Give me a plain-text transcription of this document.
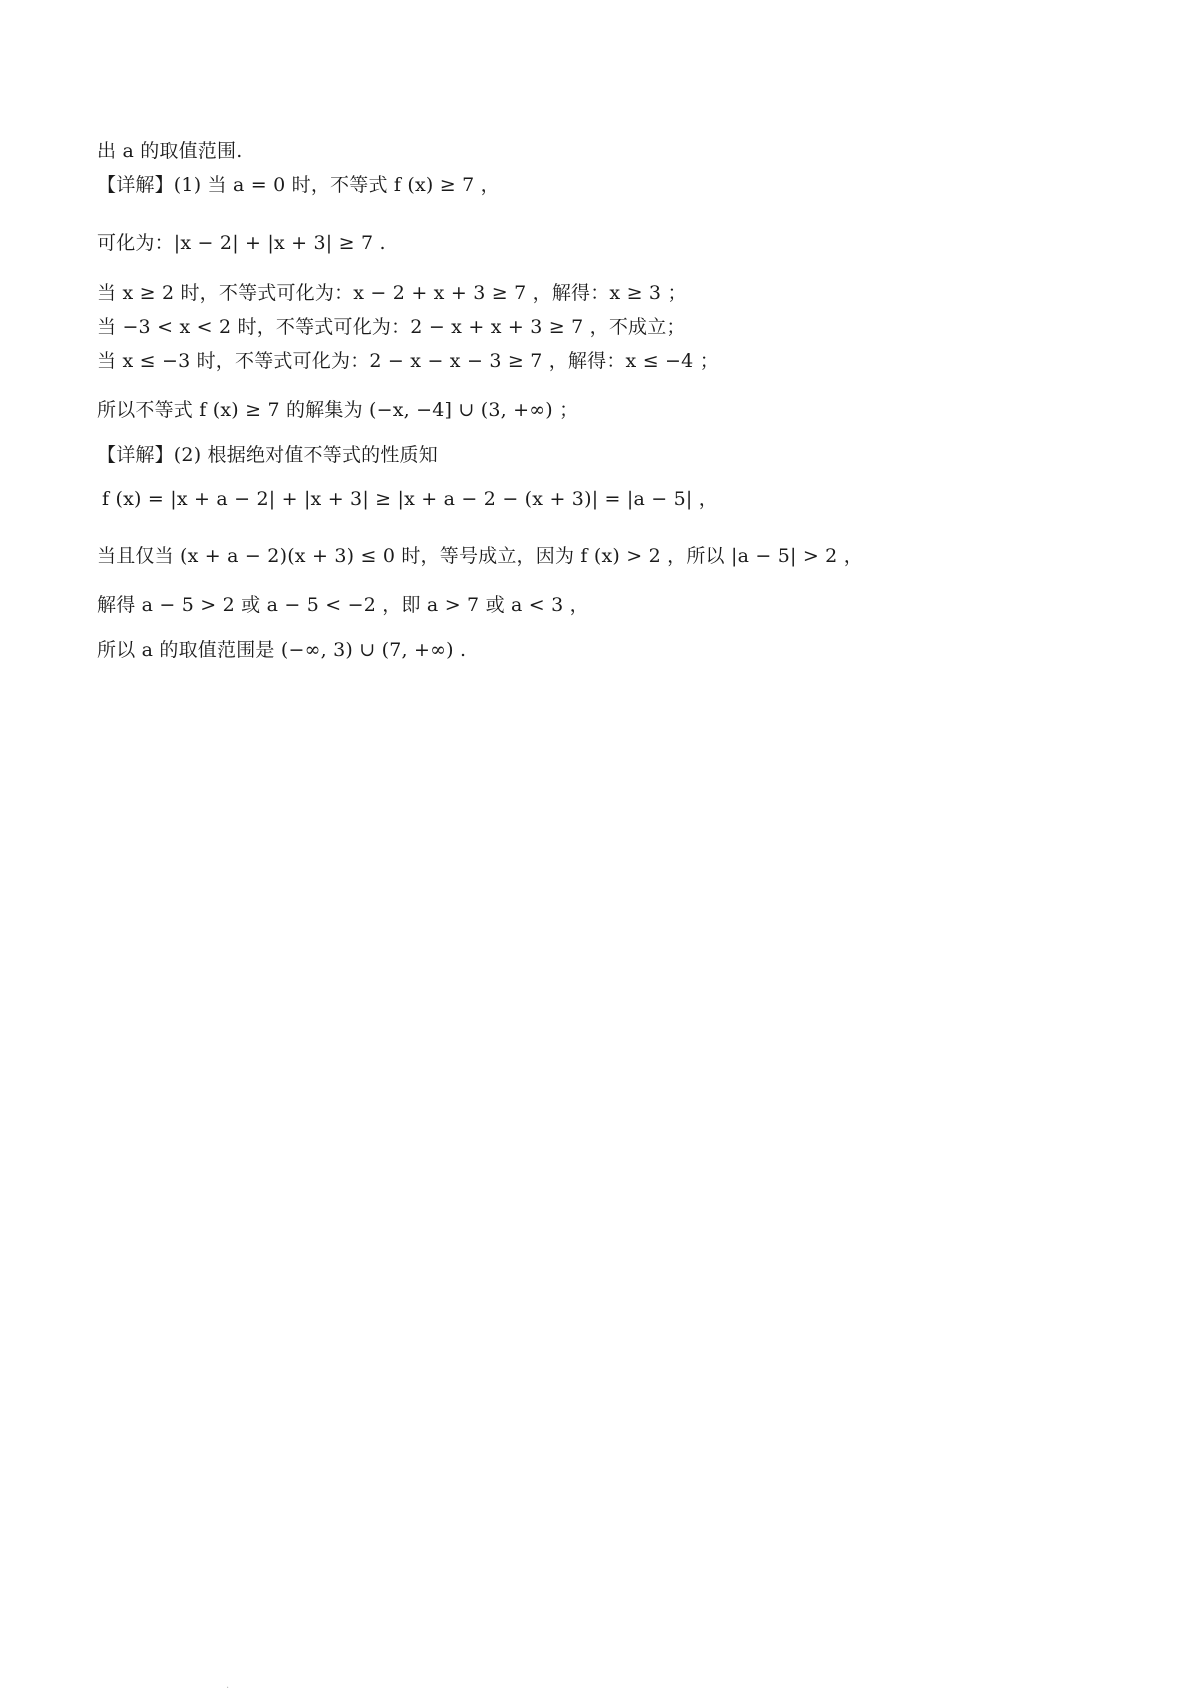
出 a 的取值范围.
【详解】(1) 当 a = 0 时，不等式 f (x) ≥ 7 ，
可化为：|x − 2| + |x + 3| ≥ 7 .
当 x ≥ 2 时，不等式可化为：x − 2 + x + 3 ≥ 7 ，解得：x ≥ 3 ；
当 −3 < x < 2 时，不等式可化为：2 − x + x + 3 ≥ 7 ，不成立；
当 x ≤ −3 时，不等式可化为：2 − x − x − 3 ≥ 7 ，解得：x ≤ −4 ；
所以不等式 f (x) ≥ 7 的解集为 (−x, −4] ∪ (3, +∞) ；
【详解】(2) 根据绝对值不等式的性质知
f (x) = |x + a − 2| + |x + 3| ≥ |x + a − 2 − (x + 3)| = |a − 5| ，
当且仅当 (x + a − 2)(x + 3) ≤ 0 时，等号成立，因为 f (x) > 2 ，所以 |a − 5| > 2 ，
解得 a − 5 > 2 或 a − 5 < −2 ，即 a > 7 或 a < 3 ，
所以 a 的取值范围是 (−∞, 3) ∪ (7, +∞) .
.
